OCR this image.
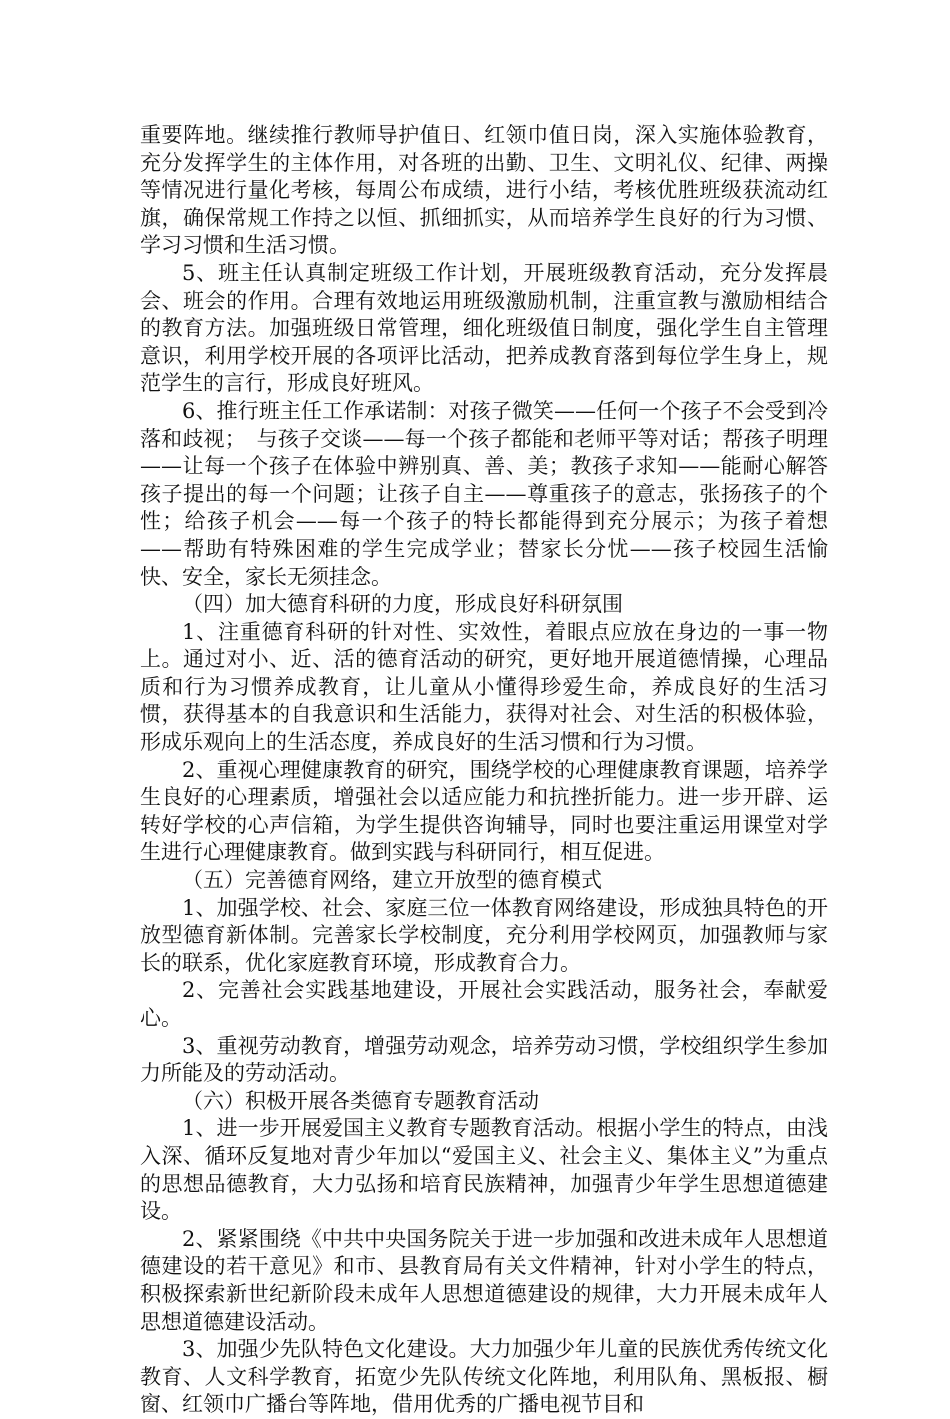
重要阵地。继续推行教师导护值日、红领巾值日岗，深入实施体验教育，充分发挥学生的主体作用，对各班的出勤、卫生、文明礼仪、纪律、两操等情况进行量化考核，每周公布成绩，进行小结，考核优胜班级获流动红旗，确保常规工作持之以恒、抓细抓实，从而培养学生良好的行为习惯、学习习惯和生活习惯。

5、班主任认真制定班级工作计划，开展班级教育活动，充分发挥晨会、班会的作用。合理有效地运用班级激励机制，注重宣教与激励相结合的教育方法。加强班级日常管理，细化班级值日制度，强化学生自主管理意识，利用学校开展的各项评比活动，把养成教育落到每位学生身上，规范学生的言行，形成良好班风。

6、推行班主任工作承诺制：对孩子微笑——任何一个孩子不会受到冷落和歧视；　与孩子交谈——每一个孩子都能和老师平等对话；帮孩子明理——让每一个孩子在体验中辨别真、善、美；教孩子求知——能耐心解答孩子提出的每一个问题；让孩子自主——尊重孩子的意志，张扬孩子的个性；给孩子机会——每一个孩子的特长都能得到充分展示；为孩子着想——帮助有特殊困难的学生完成学业；替家长分忧——孩子校园生活愉快、安全，家长无须挂念。

（四）加大德育科研的力度，形成良好科研氛围

1、注重德育科研的针对性、实效性，着眼点应放在身边的一事一物上。通过对小、近、活的德育活动的研究，更好地开展道德情操，心理品质和行为习惯养成教育，让儿童从小懂得珍爱生命，养成良好的生活习惯，获得基本的自我意识和生活能力，获得对社会、对生活的积极体验，形成乐观向上的生活态度，养成良好的生活习惯和行为习惯。

2、重视心理健康教育的研究，围绕学校的心理健康教育课题，培养学生良好的心理素质，增强社会以适应能力和抗挫折能力。进一步开辟、运转好学校的心声信箱，为学生提供咨询辅导，同时也要注重运用课堂对学生进行心理健康教育。做到实践与科研同行，相互促进。

（五）完善德育网络，建立开放型的德育模式

1、加强学校、社会、家庭三位一体教育网络建设，形成独具特色的开放型德育新体制。完善家长学校制度，充分利用学校网页，加强教师与家长的联系，优化家庭教育环境，形成教育合力。

2、完善社会实践基地建设，开展社会实践活动，服务社会，奉献爱心。

3、重视劳动教育，增强劳动观念，培养劳动习惯，学校组织学生参加力所能及的劳动活动。

（六）积极开展各类德育专题教育活动

1、进一步开展爱国主义教育专题教育活动。根据小学生的特点，由浅入深、循环反复地对青少年加以“爱国主义、社会主义、集体主义”为重点的思想品德教育，大力弘扬和培育民族精神，加强青少年学生思想道德建设。

2、紧紧围绕《中共中央国务院关于进一步加强和改进未成年人思想道德建设的若干意见》和市、县教育局有关文件精神，针对小学生的特点，积极探索新世纪新阶段未成年人思想道德建设的规律，大力开展未成年人思想道德建设活动。

3、加强少先队特色文化建设。大力加强少年儿童的民族优秀传统文化教育、人文科学教育，拓宽少先队传统文化阵地，利用队角、黑板报、橱窗、红领巾广播台等阵地，借用优秀的广播电视节目和
